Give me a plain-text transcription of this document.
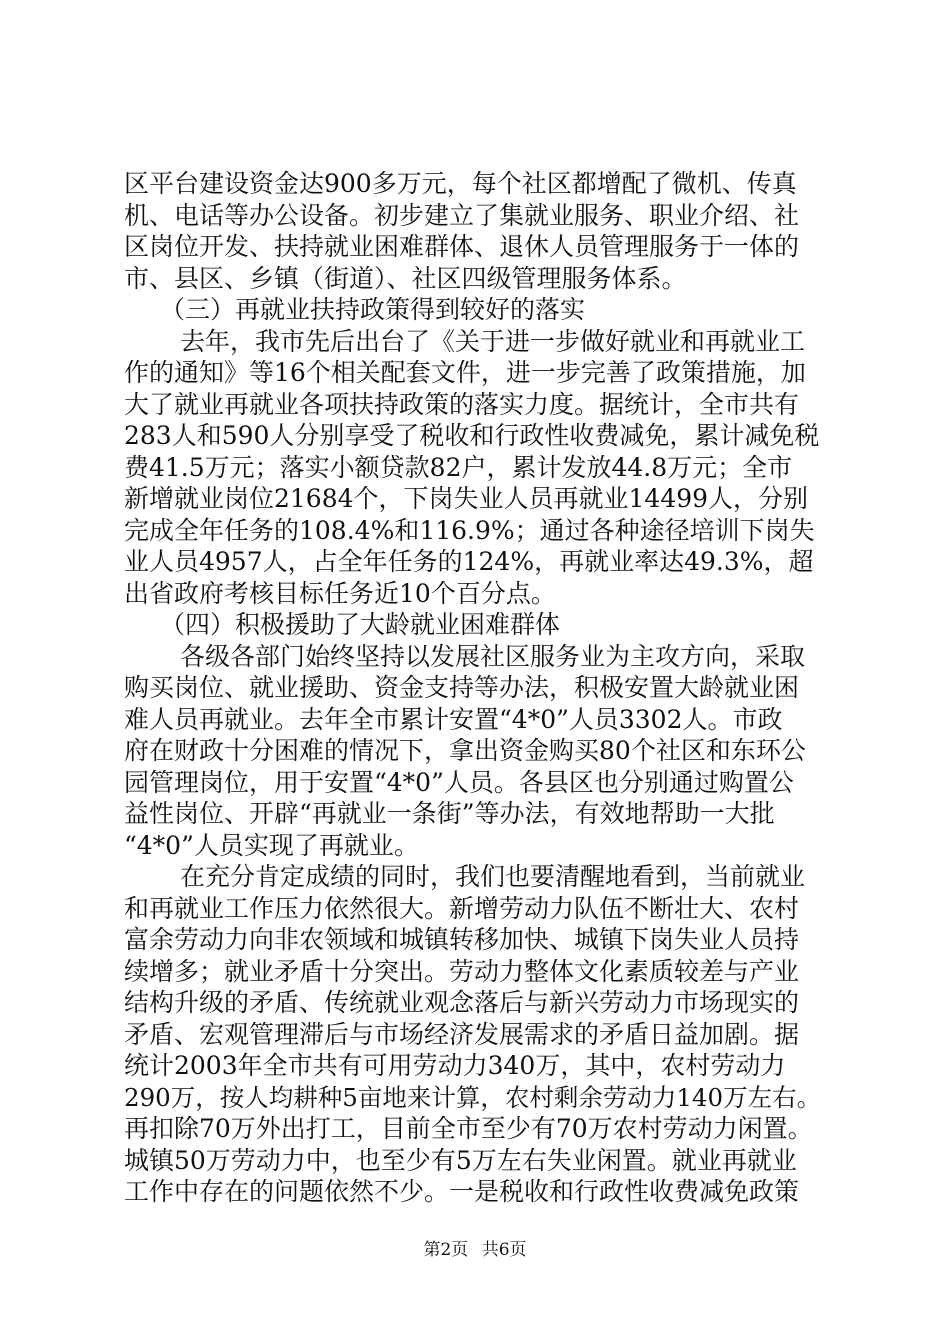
区平台建设资金达900多万元，每个社区都增配了微机、传真
机、电话等办公设备。初步建立了集就业服务、职业介绍、社
区岗位开发、扶持就业困难群体、退休人员管理服务于一体的
市、县区、乡镇（街道）、社区四级管理服务体系。
（三）再就业扶持政策得到较好的落实
去年，我市先后出台了《关于进一步做好就业和再就业工
作的通知》等16个相关配套文件，进一步完善了政策措施，加
大了就业再就业各项扶持政策的落实力度。据统计，全市共有
283人和590人分别享受了税收和行政性收费减免，累计减免税
费41.5万元；落实小额贷款82户，累计发放44.8万元；全市
新增就业岗位21684个，下岗失业人员再就业14499人，分别
完成全年任务的108.4%和116.9%；通过各种途径培训下岗失
业人员4957人，占全年任务的124%，再就业率达49.3%，超
出省政府考核目标任务近10个百分点。
（四）积极援助了大龄就业困难群体
各级各部门始终坚持以发展社区服务业为主攻方向，采取
购买岗位、就业援助、资金支持等办法，积极安置大龄就业困
难人员再就业。去年全市累计安置“4*0”人员3302人。市政
府在财政十分困难的情况下，拿出资金购买80个社区和东环公
园管理岗位，用于安置“4*0”人员。各县区也分别通过购置公
益性岗位、开辟“再就业一条街”等办法，有效地帮助一大批
“4*0”人员实现了再就业。
在充分肯定成绩的同时，我们也要清醒地看到，当前就业
和再就业工作压力依然很大。新增劳动力队伍不断壮大、农村
富余劳动力向非农领域和城镇转移加快、城镇下岗失业人员持
续增多；就业矛盾十分突出。劳动力整体文化素质较差与产业
结构升级的矛盾、传统就业观念落后与新兴劳动力市场现实的
矛盾、宏观管理滞后与市场经济发展需求的矛盾日益加剧。据
统计2003年全市共有可用劳动力340万，其中，农村劳动力
290万，按人均耕种5亩地来计算，农村剩余劳动力140万左右。
再扣除70万外出打工，目前全市至少有70万农村劳动力闲置。
城镇50万劳动力中，也至少有5万左右失业闲置。就业再就业
工作中存在的问题依然不少。一是税收和行政性收费减免政策
第2页 共6页
